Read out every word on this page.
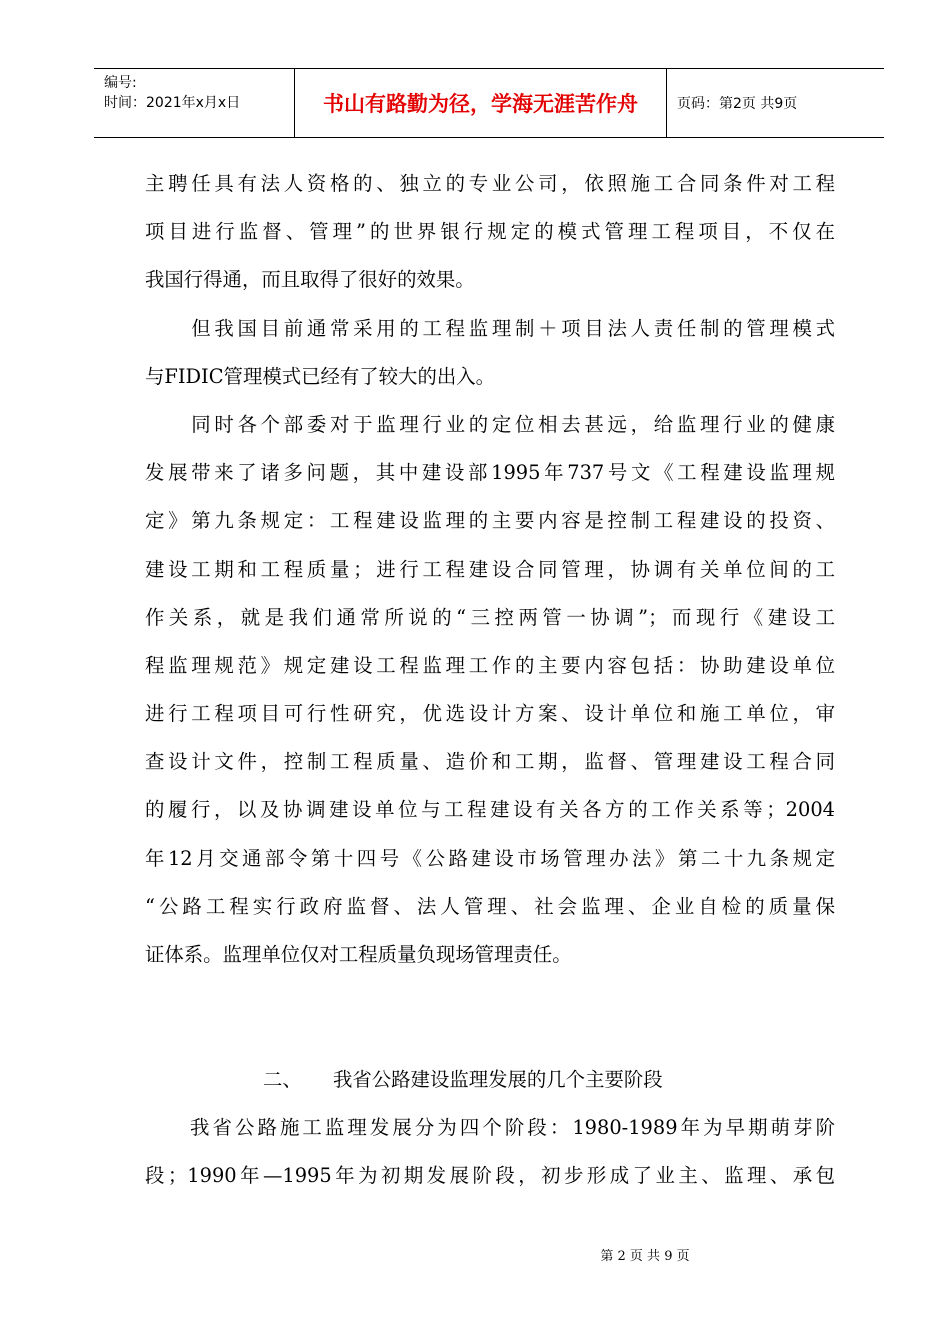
编号:
时间：2021年x月x日	书山有路勤为径，学海无涯苦作舟	页码：第2页 共9页
主聘任具有法人资格的、独立的专业公司，依照施工合同条件对工程
项目进行监督、管理”的世界银行规定的模式管理工程项目，不仅在
我国行得通，而且取得了很好的效果。
　　但我国目前通常采用的工程监理制＋项目法人责任制的管理模式
与FIDIC管理模式已经有了较大的出入。
　　同时各个部委对于监理行业的定位相去甚远，给监理行业的健康
发展带来了诸多问题，其中建设部1995年737号文《工程建设监理规
定》第九条规定：工程建设监理的主要内容是控制工程建设的投资、
建设工期和工程质量；进行工程建设合同管理，协调有关单位间的工
作关系，就是我们通常所说的“三控两管一协调”；而现行《建设工
程监理规范》规定建设工程监理工作的主要内容包括：协助建设单位
进行工程项目可行性研究，优选设计方案、设计单位和施工单位，审
查设计文件，控制工程质量、造价和工期，监督、管理建设工程合同
的履行，以及协调建设单位与工程建设有关各方的工作关系等；2004
年12月交通部令第十四号《公路建设市场管理办法》第二十九条规定
“公路工程实行政府监督、法人管理、社会监理、企业自检的质量保
证体系。监理单位仅对工程质量负现场管理责任。
二、 我省公路建设监理发展的几个主要阶段
　　我省公路施工监理发展分为四个阶段：1980-1989年为早期萌芽阶
段；1990年—1995年为初期发展阶段，初步形成了业主、监理、承包
第 2 页 共 9 页
